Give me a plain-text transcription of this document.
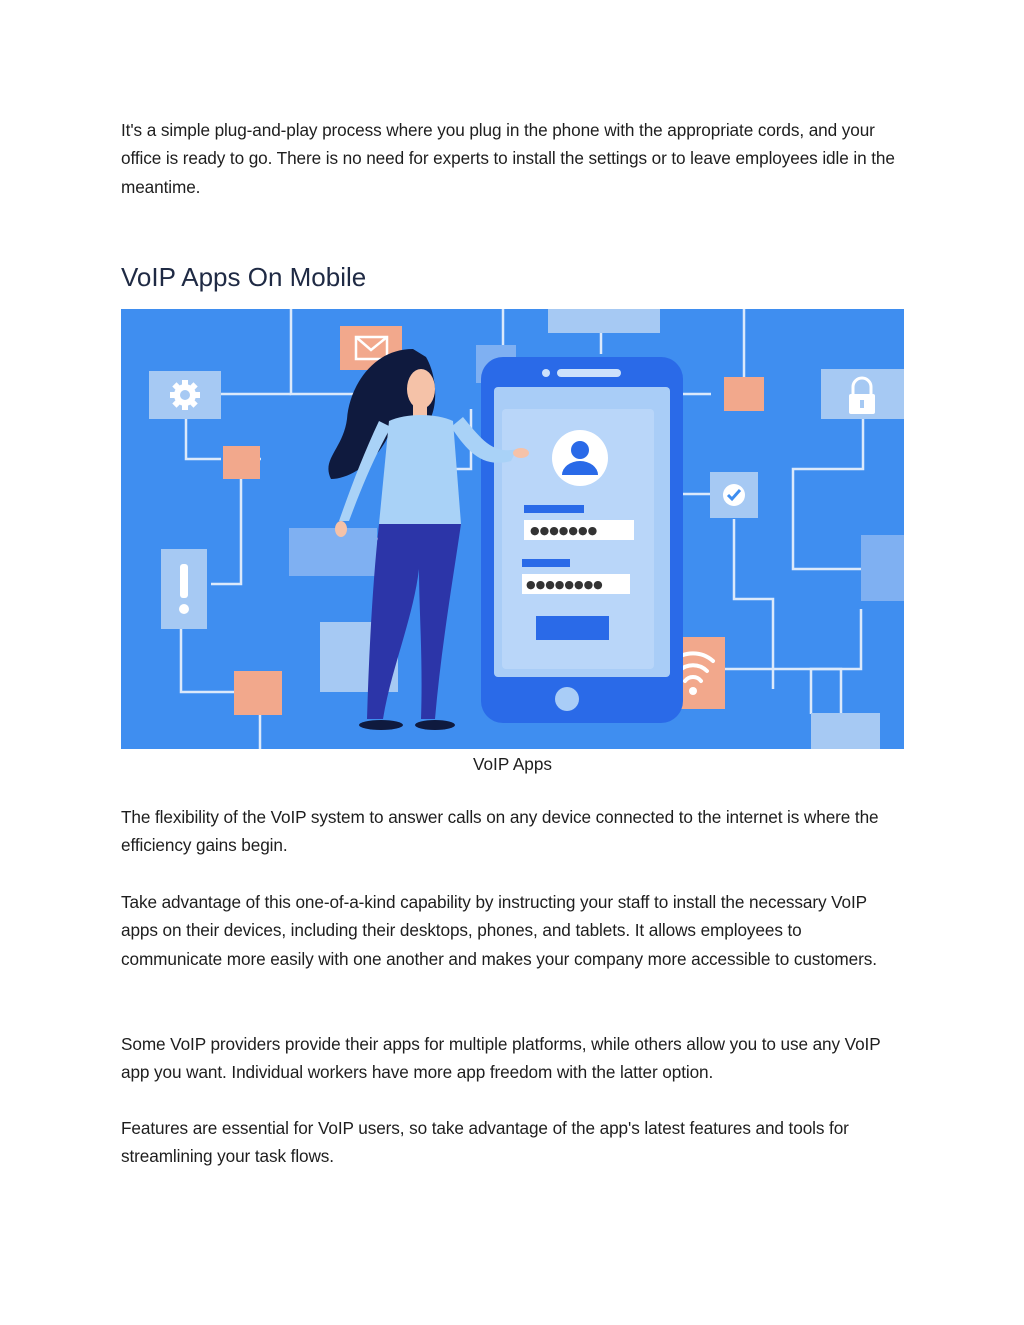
It's a simple plug-and-play process where you plug in the phone with the appropriate cords, and your office is ready to go. There is no need for experts to install the settings or to leave employees idle in the meantime.

VoIP Apps On Mobile
●●●●●●●
●●●●●●●●
VoIP Apps

The flexibility of the VoIP system to answer calls on any device connected to the internet is where the efficiency gains begin.

Take advantage of this one-of-a-kind capability by instructing your staff to install the necessary VoIP apps on their devices, including their desktops, phones, and tablets. It allows employees to communicate more easily with one another and makes your company more accessible to customers.

Some VoIP providers provide their apps for multiple platforms, while others allow you to use any VoIP app you want. Individual workers have more app freedom with the latter option.

Features are essential for VoIP users, so take advantage of the app's latest features and tools for streamlining your task flows.
